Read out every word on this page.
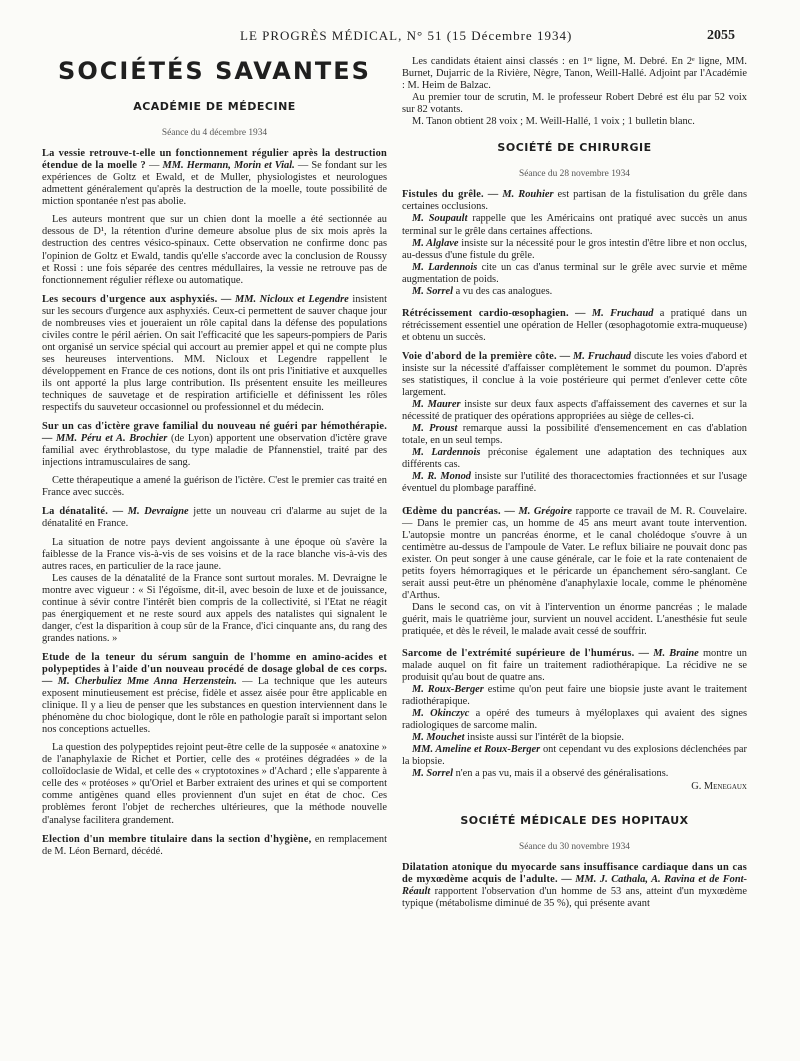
LE PROGRÈS MÉDICAL, N° 51 (15 Décembre 1934)	2055
SOCIÉTÉS SAVANTES
ACADÉMIE DE MÉDECINE
Séance du 4 décembre 1934

La vessie retrouve-t-elle un fonctionnement régulier après la destruction étendue de la moelle ? — MM. Hermann, Morin et Vial. — Se fondant sur les expériences de Goltz et Ewald, et de Muller, physiologistes et neurologues admettent généralement qu'après la destruction de la moelle, toute possibilité de miction spontanée n'est pas abolie.

Les auteurs montrent que sur un chien dont la moelle a été sectionnée au dessous de D¹, la rétention d'urine demeure absolue plus de six mois après la destruction des centres vésico-spinaux. Cette observation ne confirme donc pas l'opinion de Goltz et Ewald, tandis qu'elle s'accorde avec la conclusion de Roussy et Rossi : une fois séparée des centres médullaires, la vessie ne retrouve pas de fonctionnement régulier réflexe ou automatique.

Les secours d'urgence aux asphyxiés. — MM. Nicloux et Legendre insistent sur les secours d'urgence aux asphyxiés. Ceux-ci permettent de sauver chaque jour de nombreuses vies et joueraient un rôle capital dans la défense des populations civiles contre le péril aérien. On sait l'efficacité que les sapeurs-pompiers de Paris ont organisé un service spécial qui accourt au premier appel et qui ne compte plus ses heureuses interventions. MM. Nicloux et Legendre rappellent le développement en France de ces notions, dont ils ont pris l'initiative et auxquelles ils ont apporté la plus large contribution. Ils présentent ensuite les meilleures techniques de sauvetage et de respiration artificielle et définissent les rôles respectifs du sauveteur occasionnel ou professionnel et du médecin.

Sur un cas d'ictère grave familial du nouveau né guéri par hémothérapie. — MM. Péru et A. Brochier (de Lyon) apportent une observation d'ictère grave familial avec érythroblastose, du type maladie de Pfannenstiel, traité par des injections intramusculaires de sang.

Cette thérapeutique a amené la guérison de l'ictère. C'est le premier cas traité en France avec succès.

La dénatalité. — M. Devraigne jette un nouveau cri d'alarme au sujet de la dénatalité en France.

La situation de notre pays devient angoissante à une époque où s'avère la faiblesse de la France vis-à-vis de ses voisins et de la race blanche vis-à-vis des autres races, en particulier de la race jaune.

Les causes de la dénatalité de la France sont surtout morales. M. Devraigne le montre avec vigueur : « Si l'égoïsme, dit-il, avec besoin de luxe et de jouissance, continue à sévir contre l'intérêt bien compris de la collectivité, si l'Etat ne réagit pas énergiquement et ne reste sourd aux appels des natalistes qui signalent le danger, c'est la disparition à coup sûr de la France, d'ici cinquante ans, du rang des grandes nations. »

Etude de la teneur du sérum sanguin de l'homme en amino-acides et polypeptides à l'aide d'un nouveau procédé de dosage global de ces corps. — M. Cherbuliez Mme Anna Herzenstein. — La technique que les auteurs exposent minutieusement est précise, fidèle et assez aisée pour être applicable en clinique. Il y a lieu de penser que les substances en question interviennent dans le phénomène du choc biologique, dont le rôle en pathologie paraît si important selon nos conceptions actuelles.

La question des polypeptides rejoint peut-être celle de la supposée « anatoxine » de l'anaphylaxie de Richet et Portier, celle des « protéines dégradées » de la colloïdoclasie de Widal, et celle des « cryptotoxines » d'Achard ; elle s'apparente à celle des « protéoses » qu'Oriel et Barber extraient des urines et qui se comportent comme antigènes quand elles proviennent d'un sujet en état de choc. Ces problèmes feront l'objet de recherches ultérieures, que la méthode nouvelle d'analyse facilitera grandement.

Election d'un membre titulaire dans la section d'hygiène, en remplacement de M. Léon Bernard, décédé.

Les candidats étaient ainsi classés : en 1ʳᵉ ligne, M. Debré. En 2ᵉ ligne, MM. Burnet, Dujarric de la Rivière, Nègre, Tanon, Weill-Hallé. Adjoint par l'Académie : M. Heim de Balzac.

Au premier tour de scrutin, M. le professeur Robert Debré est élu par 52 voix sur 82 votants.

M. Tanon obtient 28 voix ; M. Weill-Hallé, 1 voix ; 1 bulletin blanc.

SOCIÉTÉ DE CHIRURGIE
Séance du 28 novembre 1934

Fistules du grêle. — M. Rouhier est partisan de la fistulisation du grêle dans certaines occlusions.

M. Soupault rappelle que les Américains ont pratiqué avec succès un anus terminal sur le grêle dans certaines affections.

M. Alglave insiste sur la nécessité pour le gros intestin d'être libre et non occlus, au-dessus d'une fistule du grêle.

M. Lardennois cite un cas d'anus terminal sur le grêle avec survie et même augmentation de poids.

M. Sorrel a vu des cas analogues.

Rétrécissement cardio-œsophagien. — M. Fruchaud a pratiqué dans un rétrécissement essentiel une opération de Heller (œsophagotomie extra-muqueuse) et obtenu un succès.

Voie d'abord de la première côte. — M. Fruchaud discute les voies d'abord et insiste sur la nécessité d'affaisser complètement le sommet du poumon. D'après ses statistiques, il conclue à la voie postérieure qui permet d'enlever cette côte largement.

M. Maurer insiste sur deux faux aspects d'affaissement des cavernes et sur la nécessité de pratiquer des opérations appropriées au siège de celles-ci.

M. Proust remarque aussi la possibilité d'ensemencement en cas d'ablation totale, en un seul temps.

M. Lardennois préconise également une adaptation des techniques aux différents cas.

M. R. Monod insiste sur l'utilité des thoracectomies fractionnées et sur l'usage éventuel du plombage paraffiné.

Œdème du pancréas. — M. Grégoire rapporte ce travail de M. R. Couvelaire. — Dans le premier cas, un homme de 45 ans meurt avant toute intervention. L'autopsie montre un pancréas énorme, et le canal cholédoque s'ouvre à un centimètre au-dessus de l'ampoule de Vater. Le reflux biliaire ne pouvait donc pas exister. On peut songer à une cause générale, car le foie et la rate contenaient de petits foyers hémorragiques et le péricarde un épanchement séro-sanglant. Ce serait aussi peut-être un phénomène d'anaphylaxie locale, comme le phénomène d'Arthus.

Dans le second cas, on vit à l'intervention un énorme pancréas ; le malade guérit, mais le quatrième jour, survient un nouvel accident. L'anesthésie fut seule pratiquée, et dès le réveil, le malade avait cessé de souffrir.

Sarcome de l'extrémité supérieure de l'humérus. — M. Braine montre un malade auquel on fit faire un traitement radiothérapique. La récidive ne se produisit qu'au bout de quatre ans.

M. Roux-Berger estime qu'on peut faire une biopsie juste avant le traitement radiothérapique.

M. Okinczyc a opéré des tumeurs à myéloplaxes qui avaient des signes radiologiques de sarcome malin.

M. Mouchet insiste aussi sur l'intérêt de la biopsie.

MM. Ameline et Roux-Berger ont cependant vu des explosions déclenchées par la biopsie.

M. Sorrel n'en a pas vu, mais il a observé des généralisations.

G. Menegaux
SOCIÉTÉ MÉDICALE DES HOPITAUX
Séance du 30 novembre 1934

Dilatation atonique du myocarde sans insuffisance cardiaque dans un cas de myxœdème acquis de l'adulte. — MM. J. Cathala, A. Ravina et de Font-Réault rapportent l'observation d'un homme de 53 ans, atteint d'un myxœdème typique (métabolisme diminué de 35 %), qui présente avant
